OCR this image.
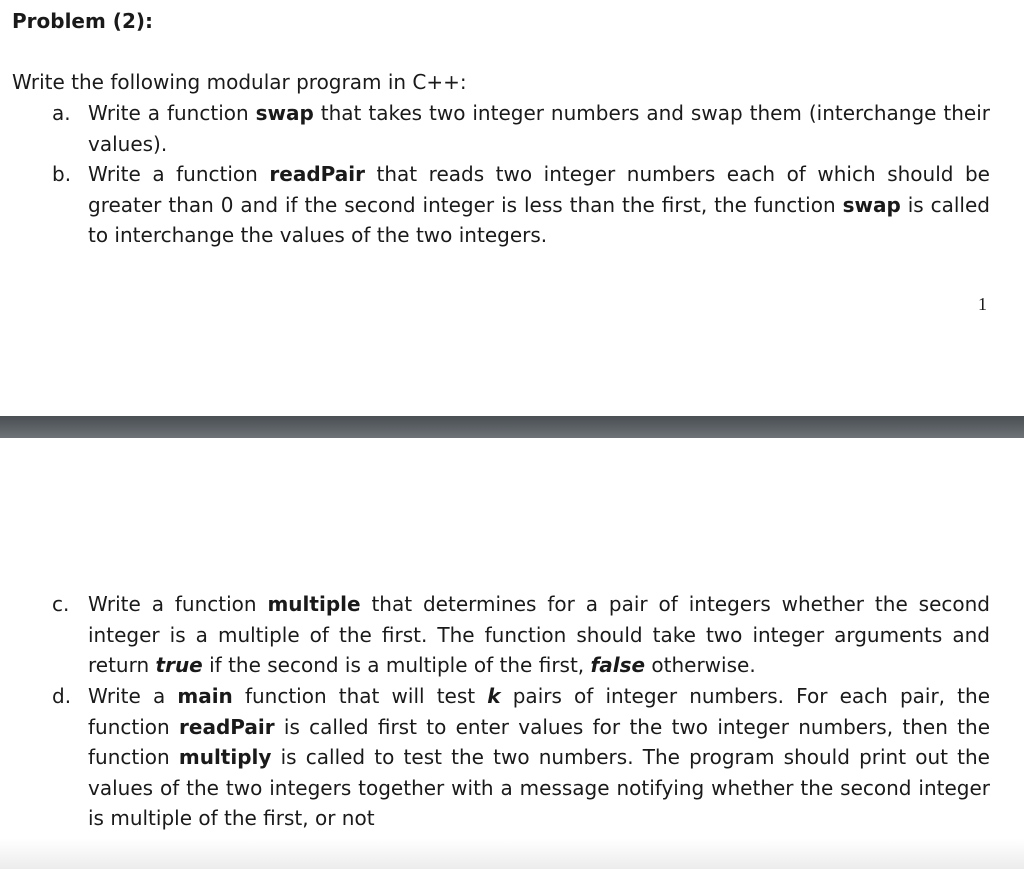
Problem (2):

Write the following modular program in C++:

a. Write a function swap that takes two integer numbers and swap them (interchange their values).
b. Write a function readPair that reads two integer numbers each of which should be greater than 0 and if the second integer is less than the first, the function swap is called to interchange the values of the two integers.
1
c. Write a function multiple that determines for a pair of integers whether the second integer is a multiple of the first. The function should take two integer arguments and return true if the second is a multiple of the first, false otherwise.
d. Write a main function that will test k pairs of integer numbers. For each pair, the function readPair is called first to enter values for the two integer numbers, then the function multiply is called to test the two numbers. The program should print out the values of the two integers together with a message notifying whether the second integer is multiple of the first, or not
